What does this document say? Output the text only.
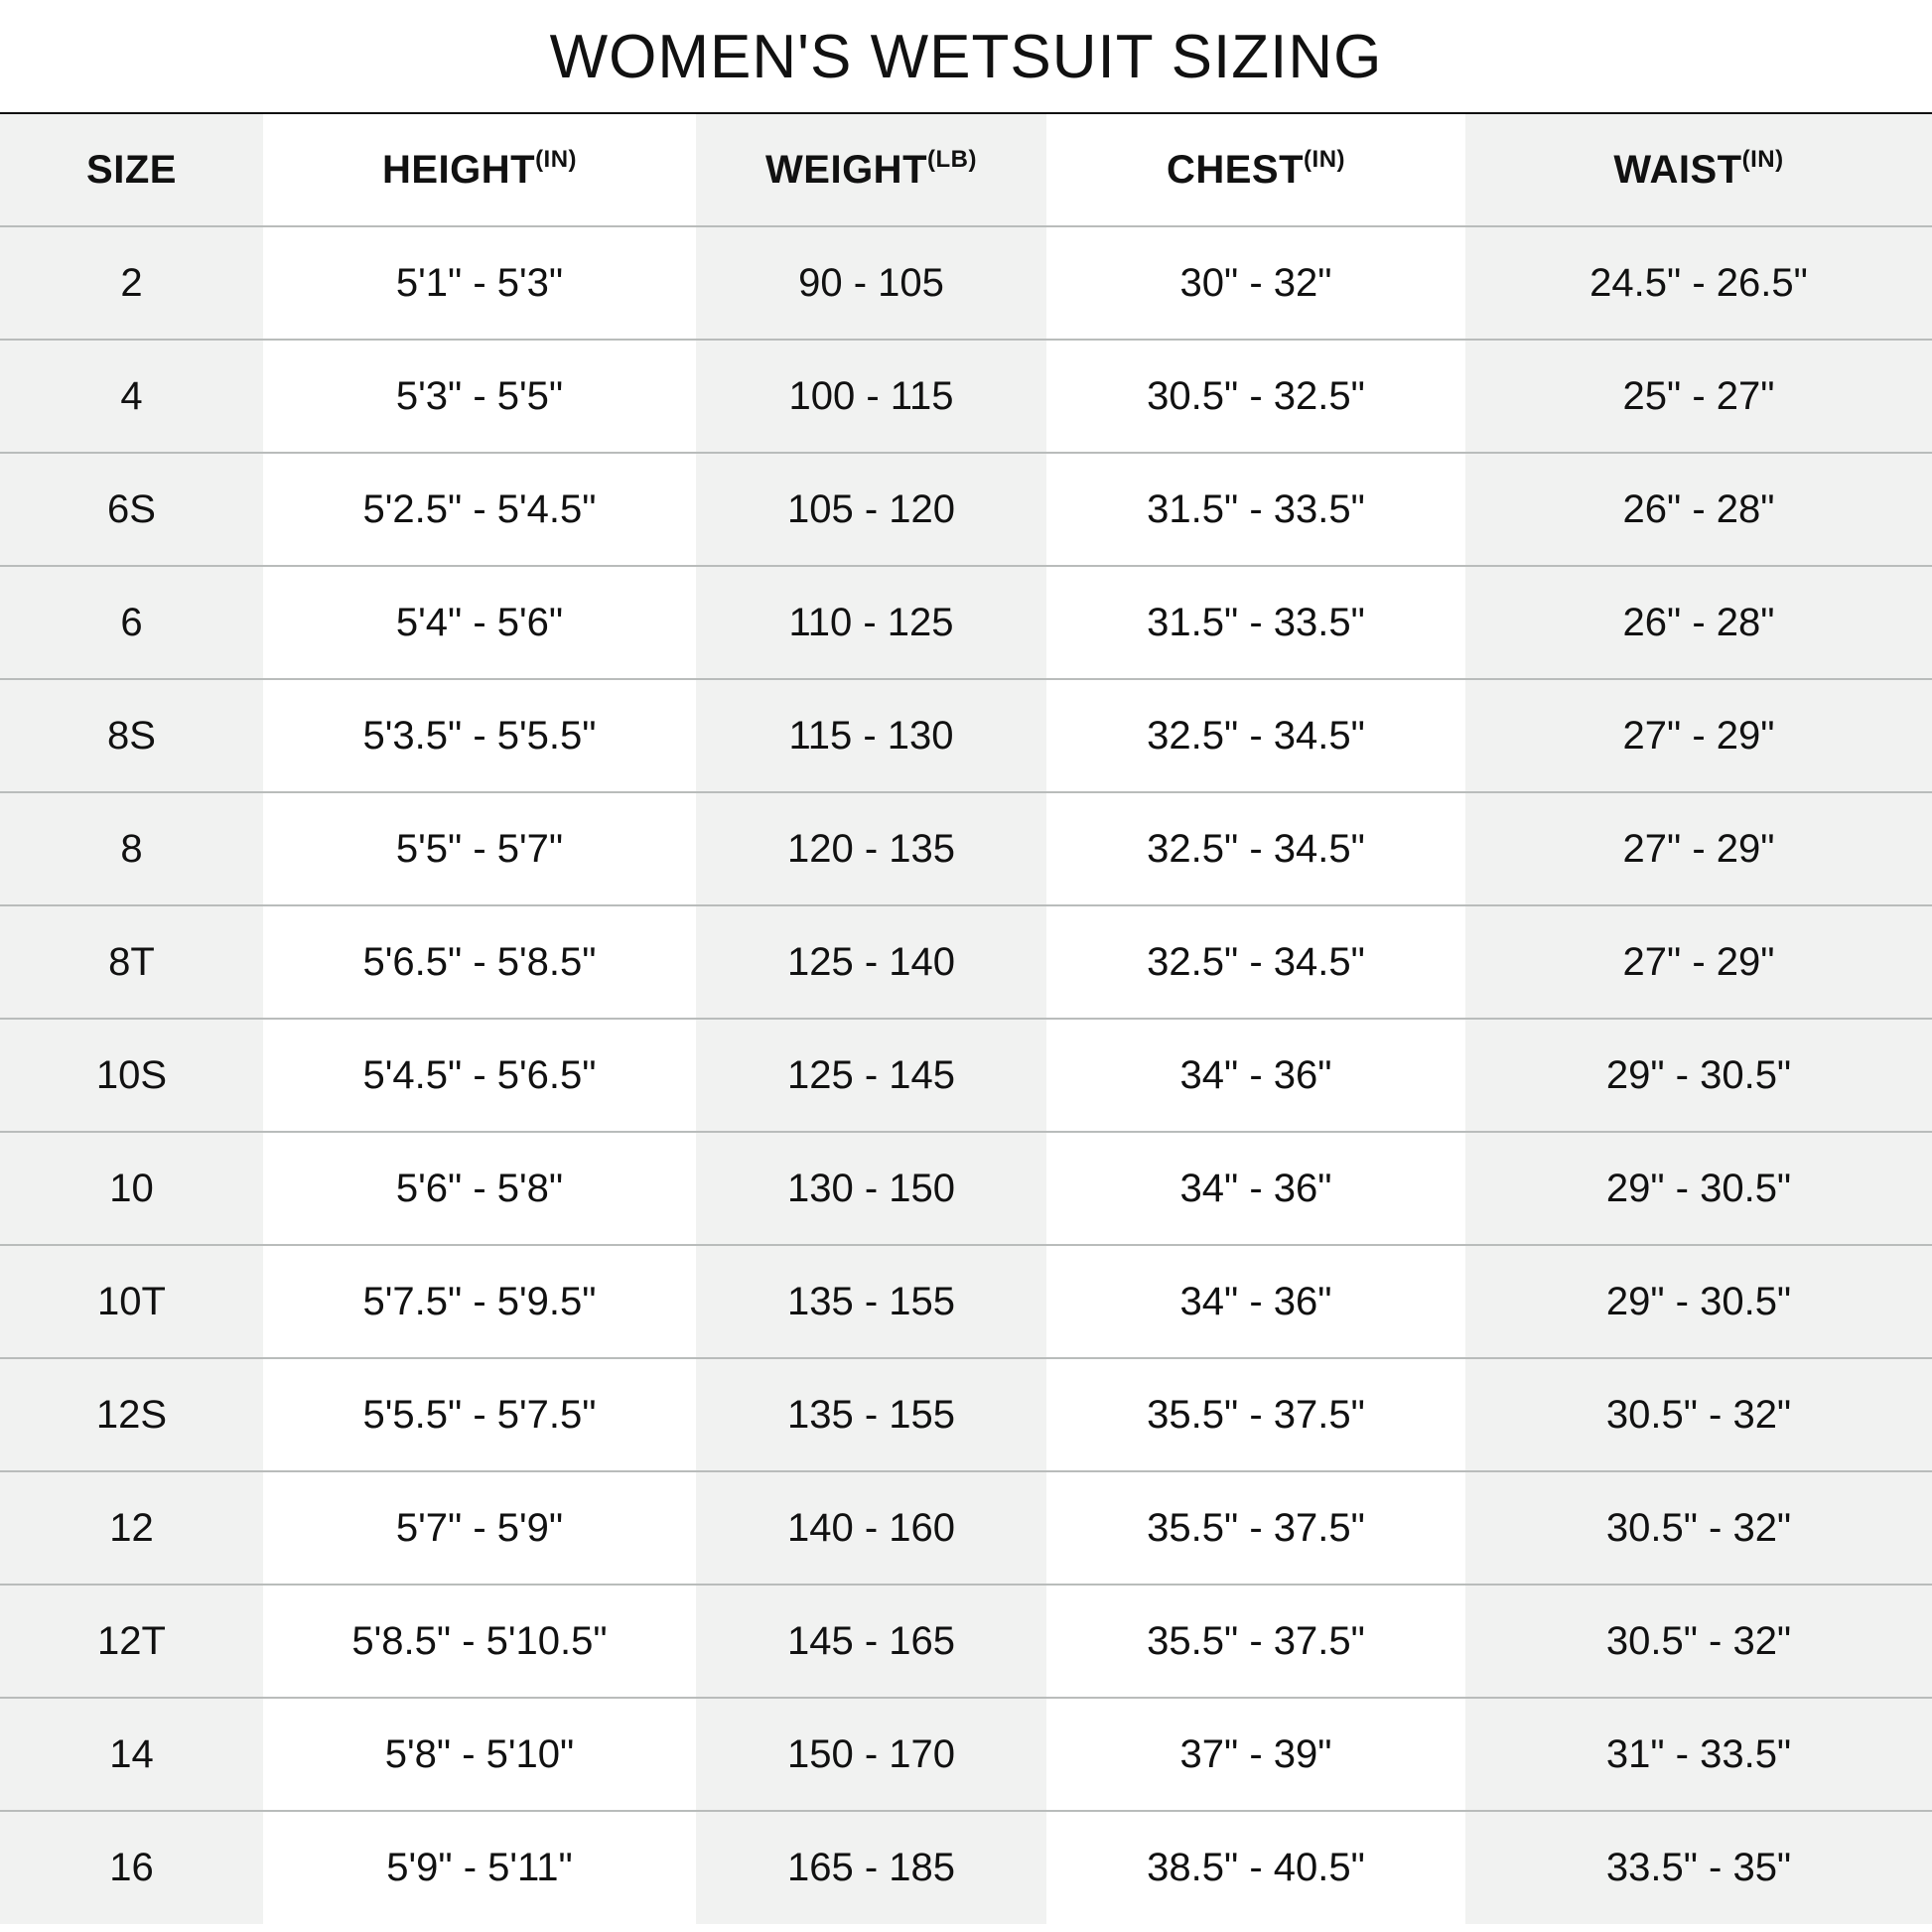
WOMEN'S WETSUIT SIZING
SIZE	$HEIGHT^{(IN)}$	$WEIGHT^{(LB)}$	$CHEST^{(IN)}$	$WAIST^{(IN)}$
2	5'1" - 5'3"	90 - 105	30" - 32"	24.5" - 26.5"
4	5'3" - 5'5"	100 - 115	30.5" - 32.5"	25" - 27"
6S	5'2.5" - 5'4.5"	105 - 120	31.5" - 33.5"	26" - 28"
6	5'4" - 5'6"	110 - 125	31.5" - 33.5"	26" - 28"
8S	5'3.5" - 5'5.5"	115 - 130	32.5" - 34.5"	27" - 29"
8	5'5" - 5'7"	120 - 135	32.5" - 34.5"	27" - 29"
8T	5'6.5" - 5'8.5"	125 - 140	32.5" - 34.5"	27" - 29"
10S	5'4.5" - 5'6.5"	125 - 145	34" - 36"	29" - 30.5"
10	5'6" - 5'8"	130 - 150	34" - 36"	29" - 30.5"
10T	5'7.5" - 5'9.5"	135 - 155	34" - 36"	29" - 30.5"
12S	5'5.5" - 5'7.5"	135 - 155	35.5" - 37.5"	30.5" - 32"
12	5'7" - 5'9"	140 - 160	35.5" - 37.5"	30.5" - 32"
12T	5'8.5" - 5'10.5"	145 - 165	35.5" - 37.5"	30.5" - 32"
14	5'8" - 5'10"	150 - 170	37" - 39"	31" - 33.5"
16	5'9" - 5'11"	165 - 185	38.5" - 40.5"	33.5" - 35"
